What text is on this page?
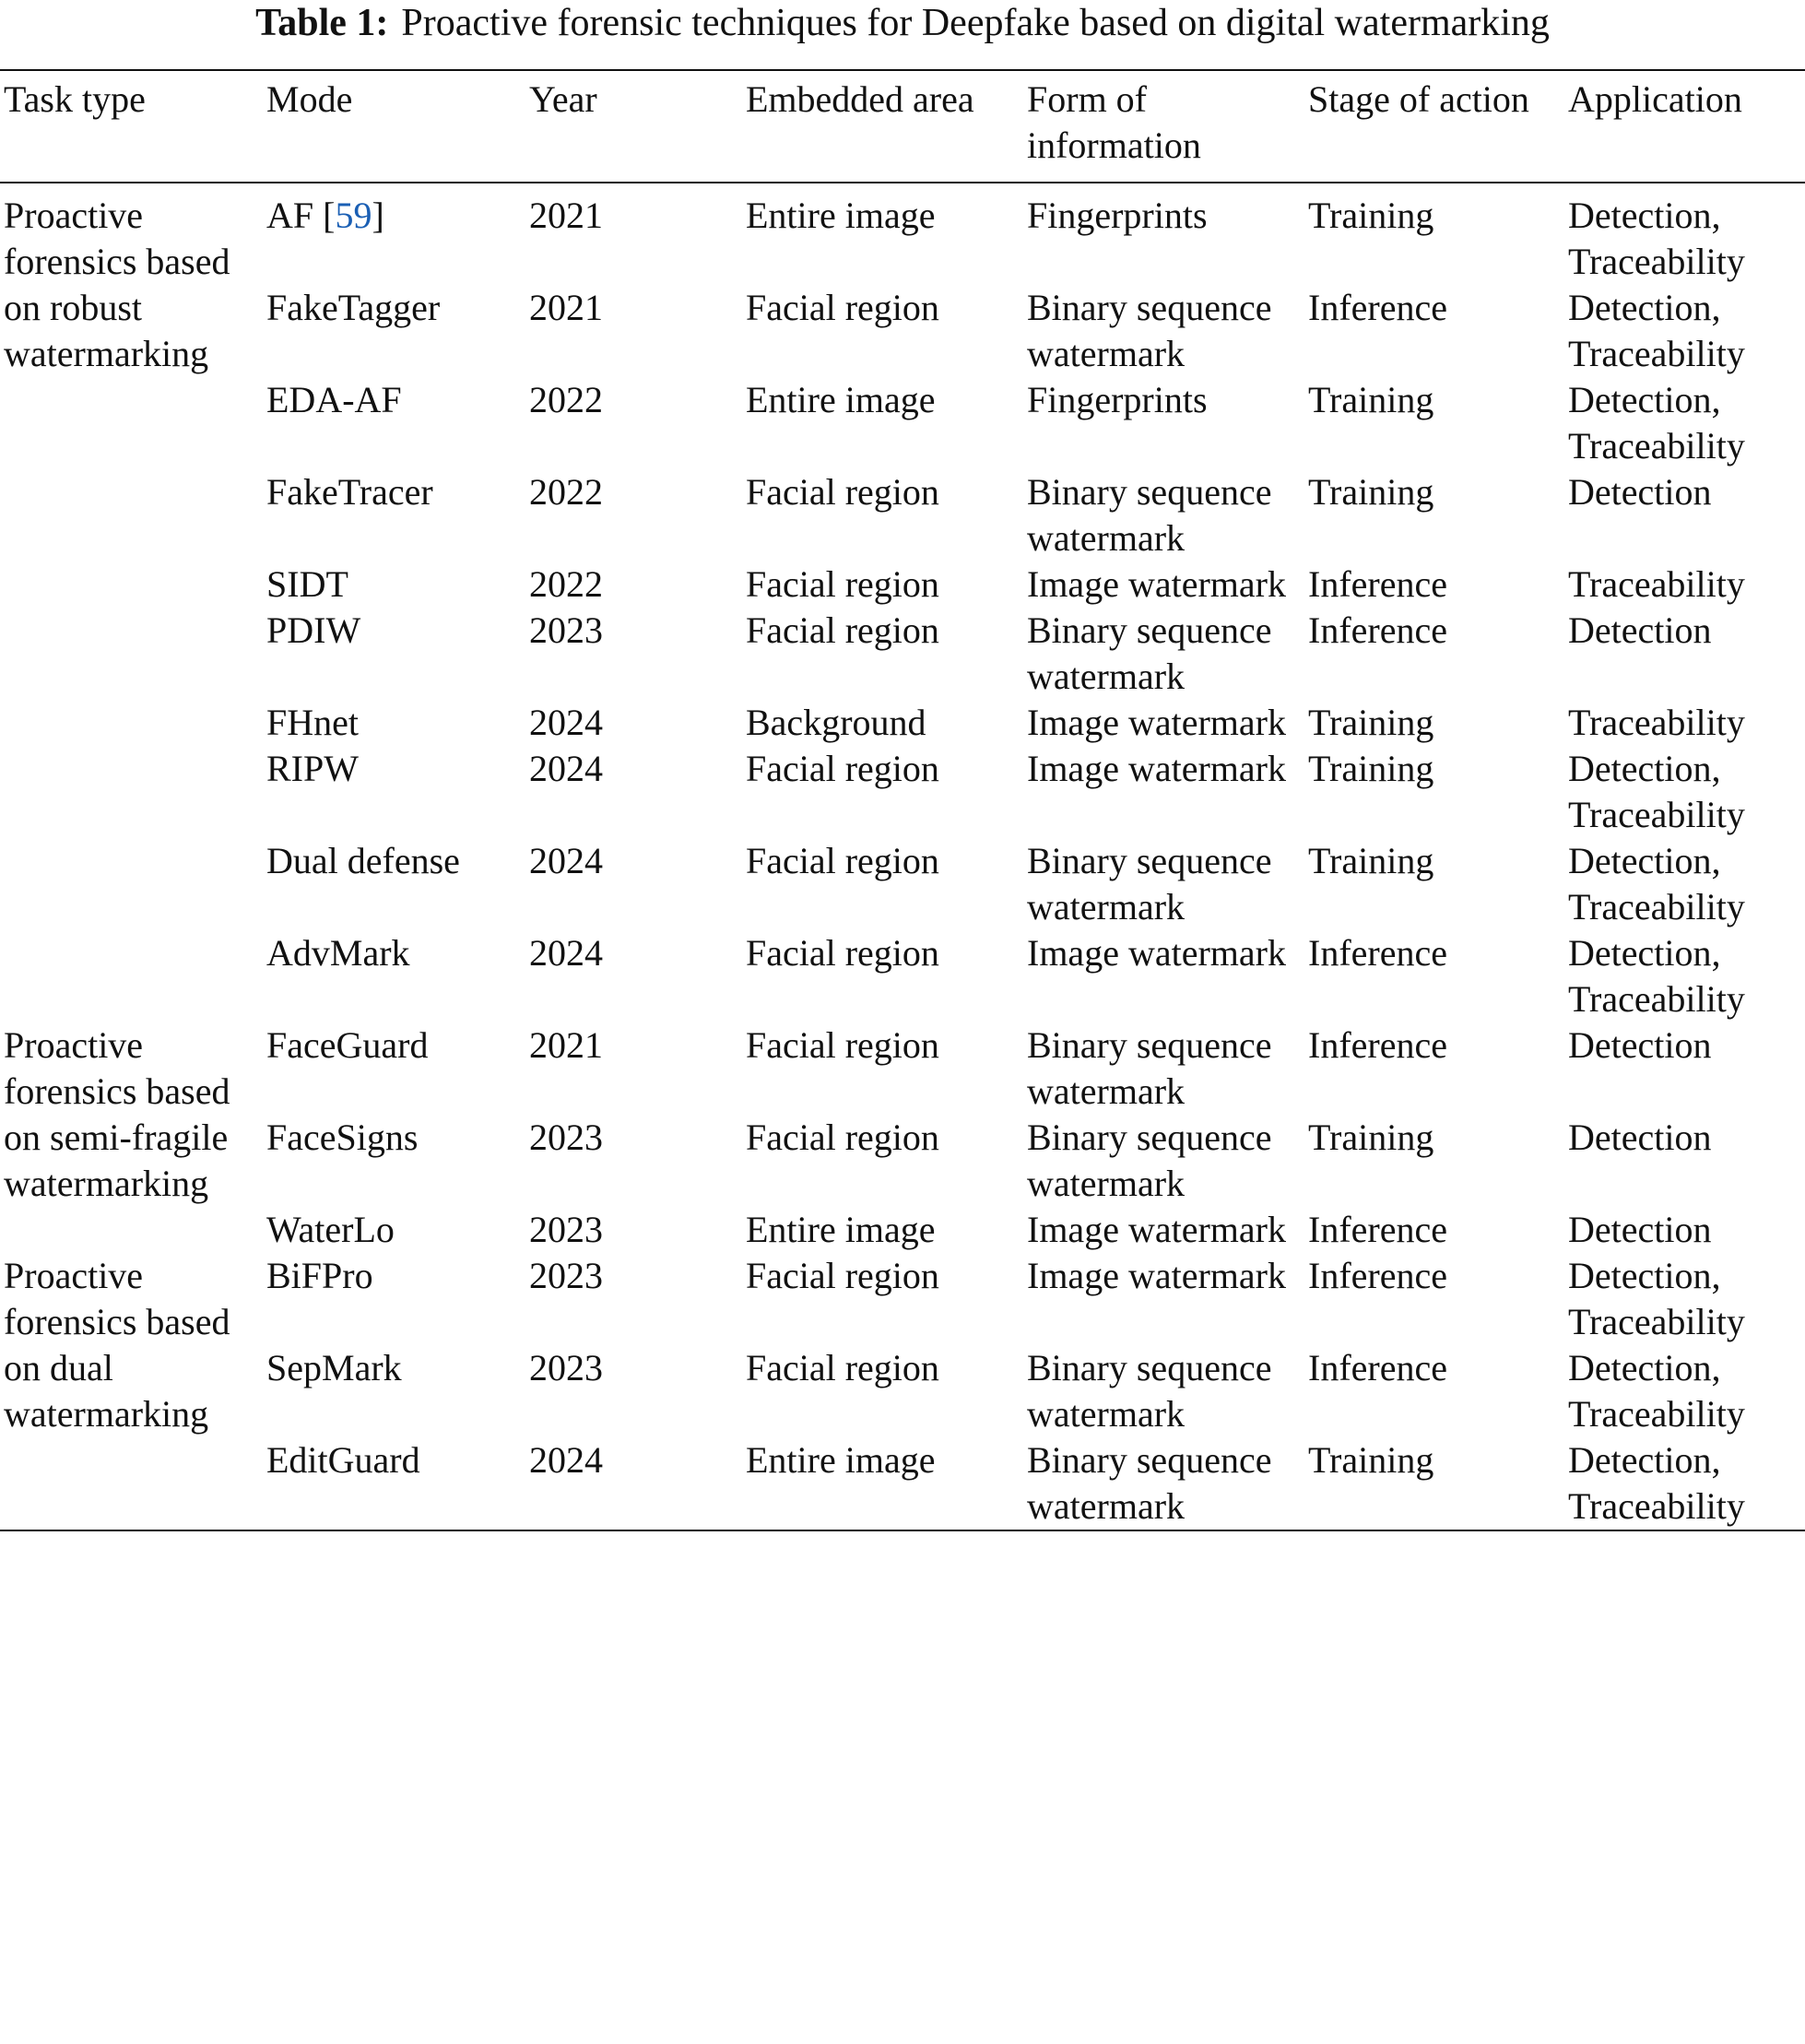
Table 1: Proactive forensic techniques for Deepfake based on digital watermarking
Task type	Mode	Year	Embedded area	Form of information	Stage of action	Application
Proactive forensics based on robust watermarking	AF [59]	2021	Entire image	Fingerprints	Training	Detection, Traceability
	FakeTagger	2021	Facial region	Binary sequence watermark	Inference	Detection, Traceability
	EDA-AF	2022	Entire image	Fingerprints	Training	Detection, Traceability
	FakeTracer	2022	Facial region	Binary sequence watermark	Training	Detection
	SIDT	2022	Facial region	Image watermark	Inference	Traceability
	PDIW	2023	Facial region	Binary sequence watermark	Inference	Detection
	FHnet	2024	Background	Image watermark	Training	Traceability
	RIPW	2024	Facial region	Image watermark	Training	Detection, Traceability
	Dual defense	2024	Facial region	Binary sequence watermark	Training	Detection, Traceability
	AdvMark	2024	Facial region	Image watermark	Inference	Detection, Traceability
Proactive forensics based on semi-fragile watermarking	FaceGuard	2021	Facial region	Binary sequence watermark	Inference	Detection
	FaceSigns	2023	Facial region	Binary sequence watermark	Training	Detection
	WaterLo	2023	Entire image	Image watermark	Inference	Detection
Proactive forensics based on dual watermarking	BiFPro	2023	Facial region	Image watermark	Inference	Detection, Traceability
	SepMark	2023	Facial region	Binary sequence watermark	Inference	Detection, Traceability
	EditGuard	2024	Entire image	Binary sequence watermark	Training	Detection, Traceability
